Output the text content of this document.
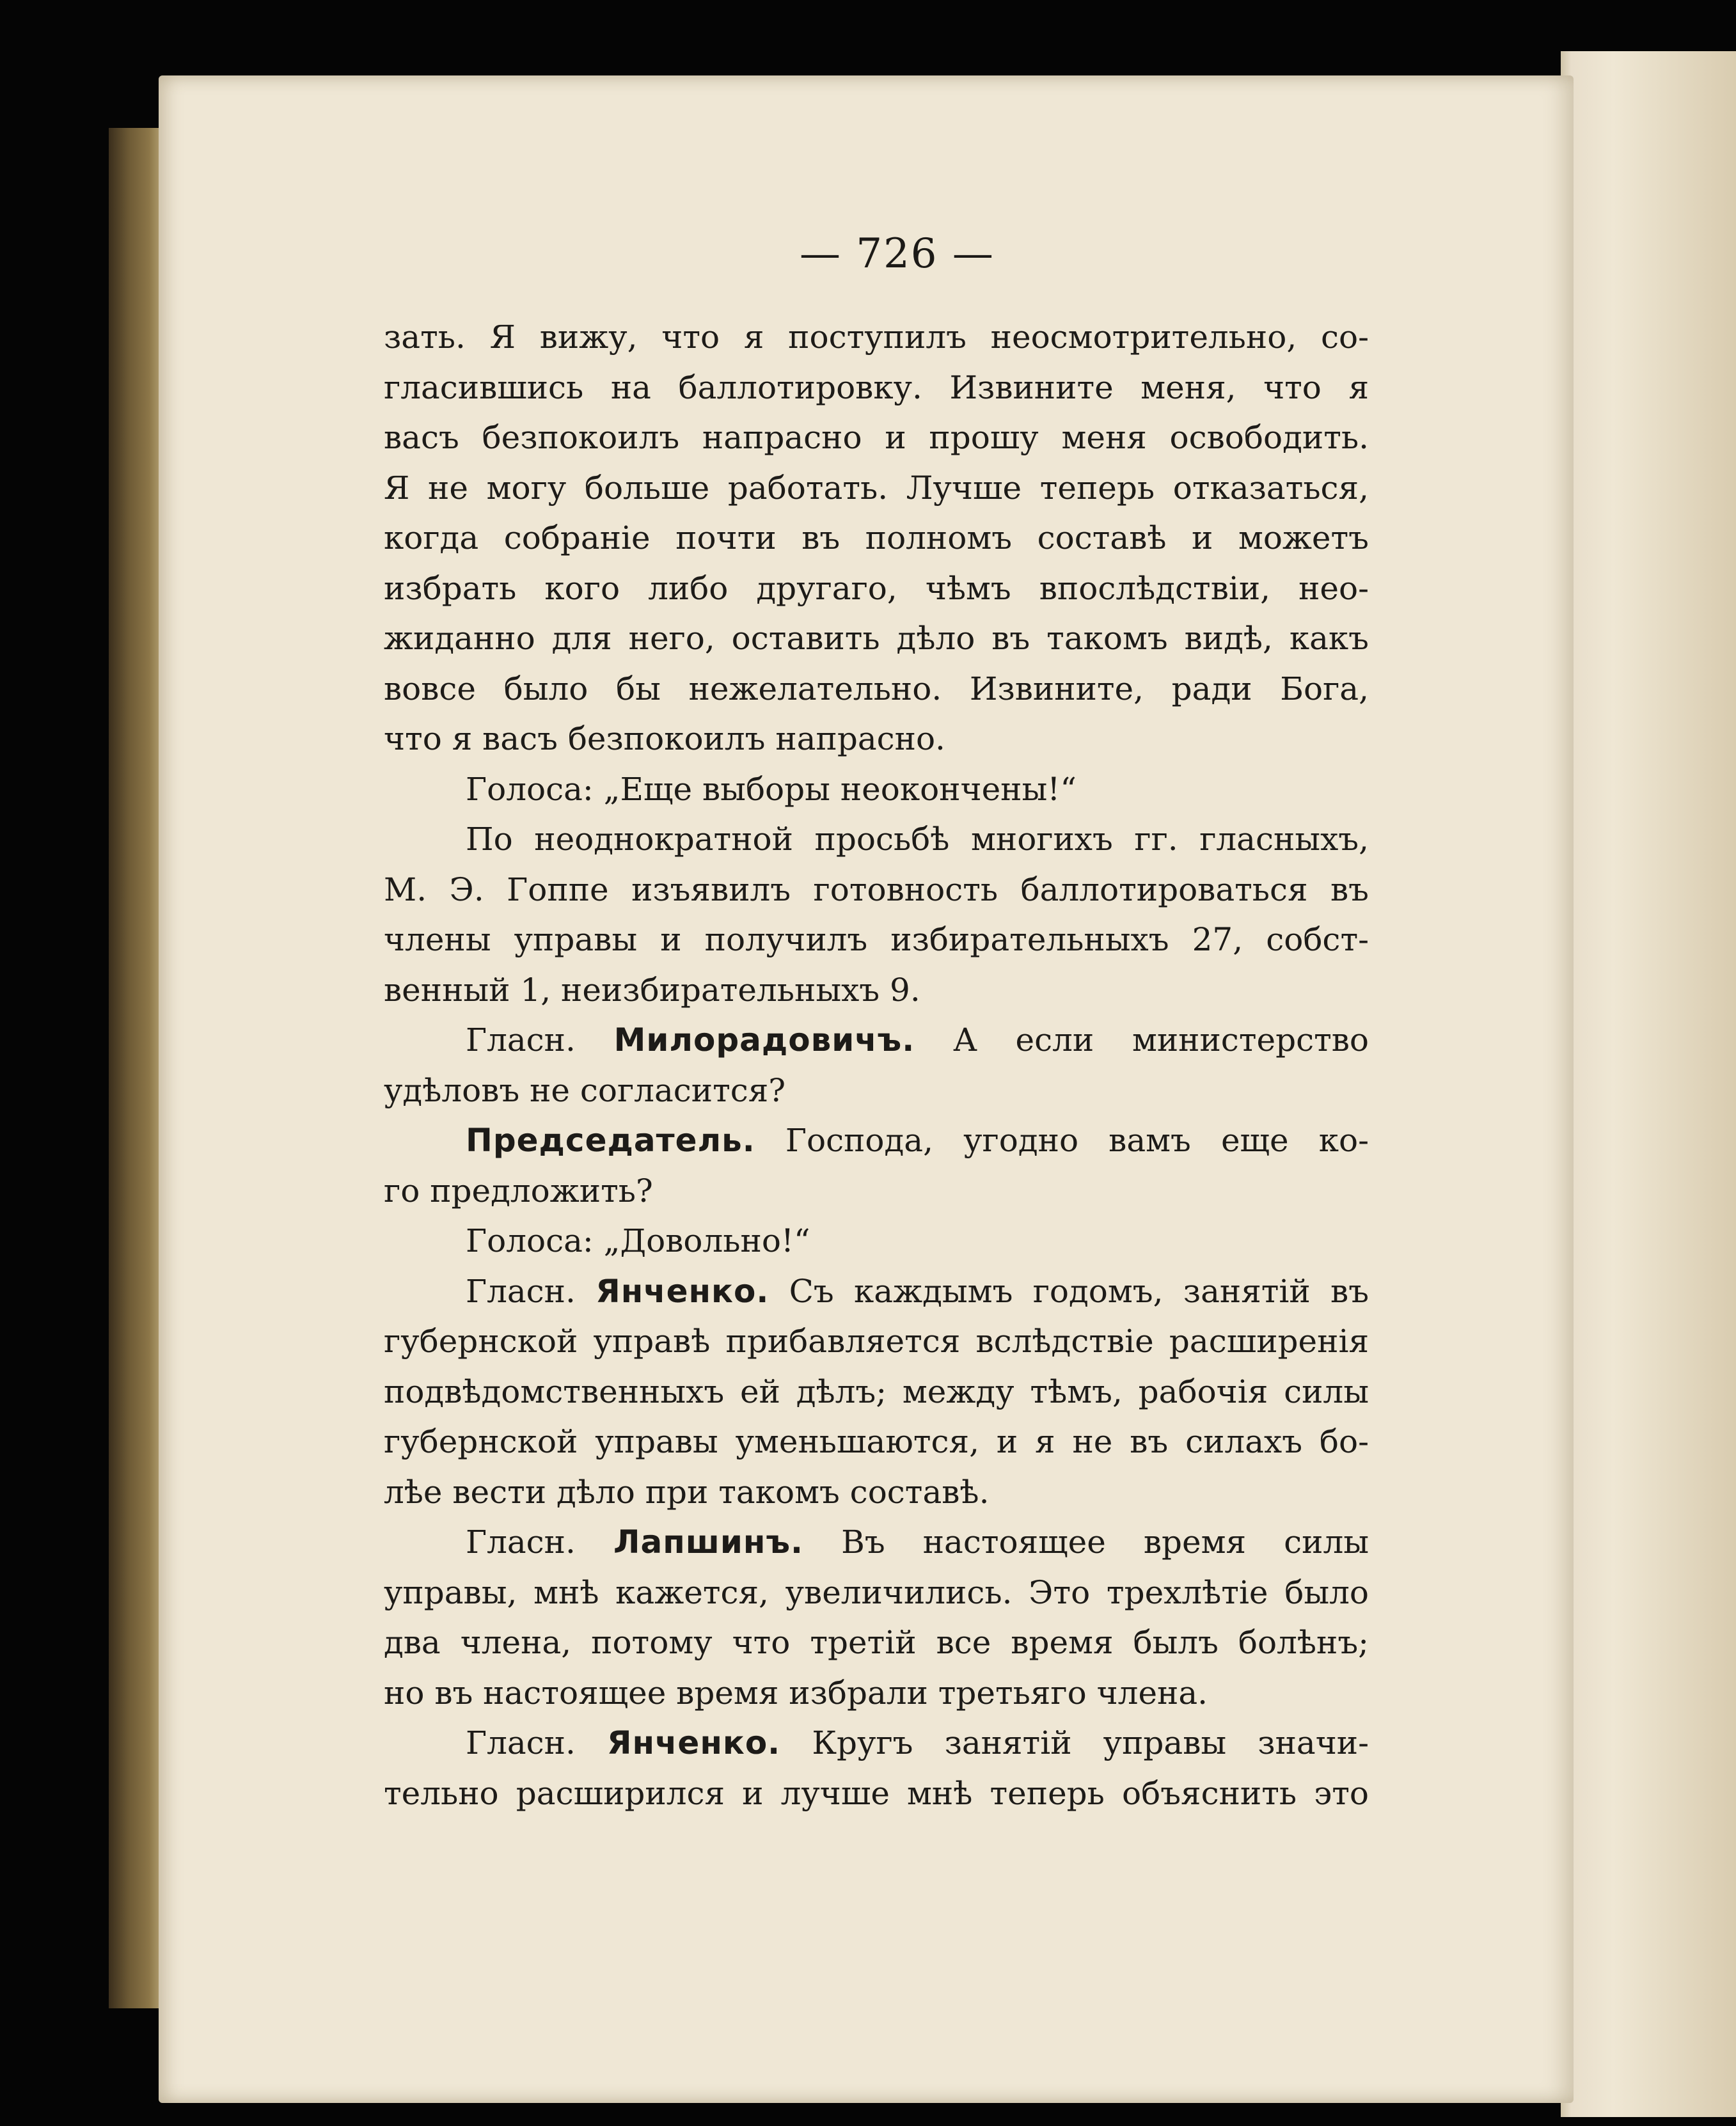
— 726 —
зать. Я вижу, что я поступилъ неосмотрительно, со-
гласившись на баллотировку. Извините меня, что я
васъ безпокоилъ напрасно и прошу меня освободить.
Я не могу больше работать. Лучше теперь отказаться,
когда собраніе почти въ полномъ составѣ и можетъ
избрать кого либо другаго, чѣмъ впослѣдствіи, нео-
жиданно для него, оставить дѣло въ такомъ видѣ, какъ
вовсе было бы нежелательно. Извините, ради Бога,
что я васъ безпокоилъ напрасно.
Голоса: „Еще выборы неокончены!“
По неоднократной просьбѣ многихъ гг. гласныхъ,
М. Э. Гоппе изъявилъ готовность баллотироваться въ
члены управы и получилъ избирательныхъ 27, собст-
венный 1, неизбирательныхъ 9.
Гласн. Милорадовичъ. А если министерство
удѣловъ не согласится?
Председатель. Господа, угодно вамъ еще ко-
го предложить?
Голоса: „Довольно!“
Гласн. Янченко. Съ каждымъ годомъ, занятій въ
губернской управѣ прибавляется вслѣдствіе расширенія
подвѣдомственныхъ ей дѣлъ; между тѣмъ, рабочія силы
губернской управы уменьшаются, и я не въ силахъ бо-
лѣе вести дѣло при такомъ составѣ.
Гласн. Лапшинъ. Въ настоящее время силы
управы, мнѣ кажется, увеличились. Это трехлѣтіе было
два члена, потому что третій все время былъ болѣнъ;
но въ настоящее время избрали третьяго члена.
Гласн. Янченко. Кругъ занятій управы значи-
тельно расширился и лучше мнѣ теперь объяснить это
